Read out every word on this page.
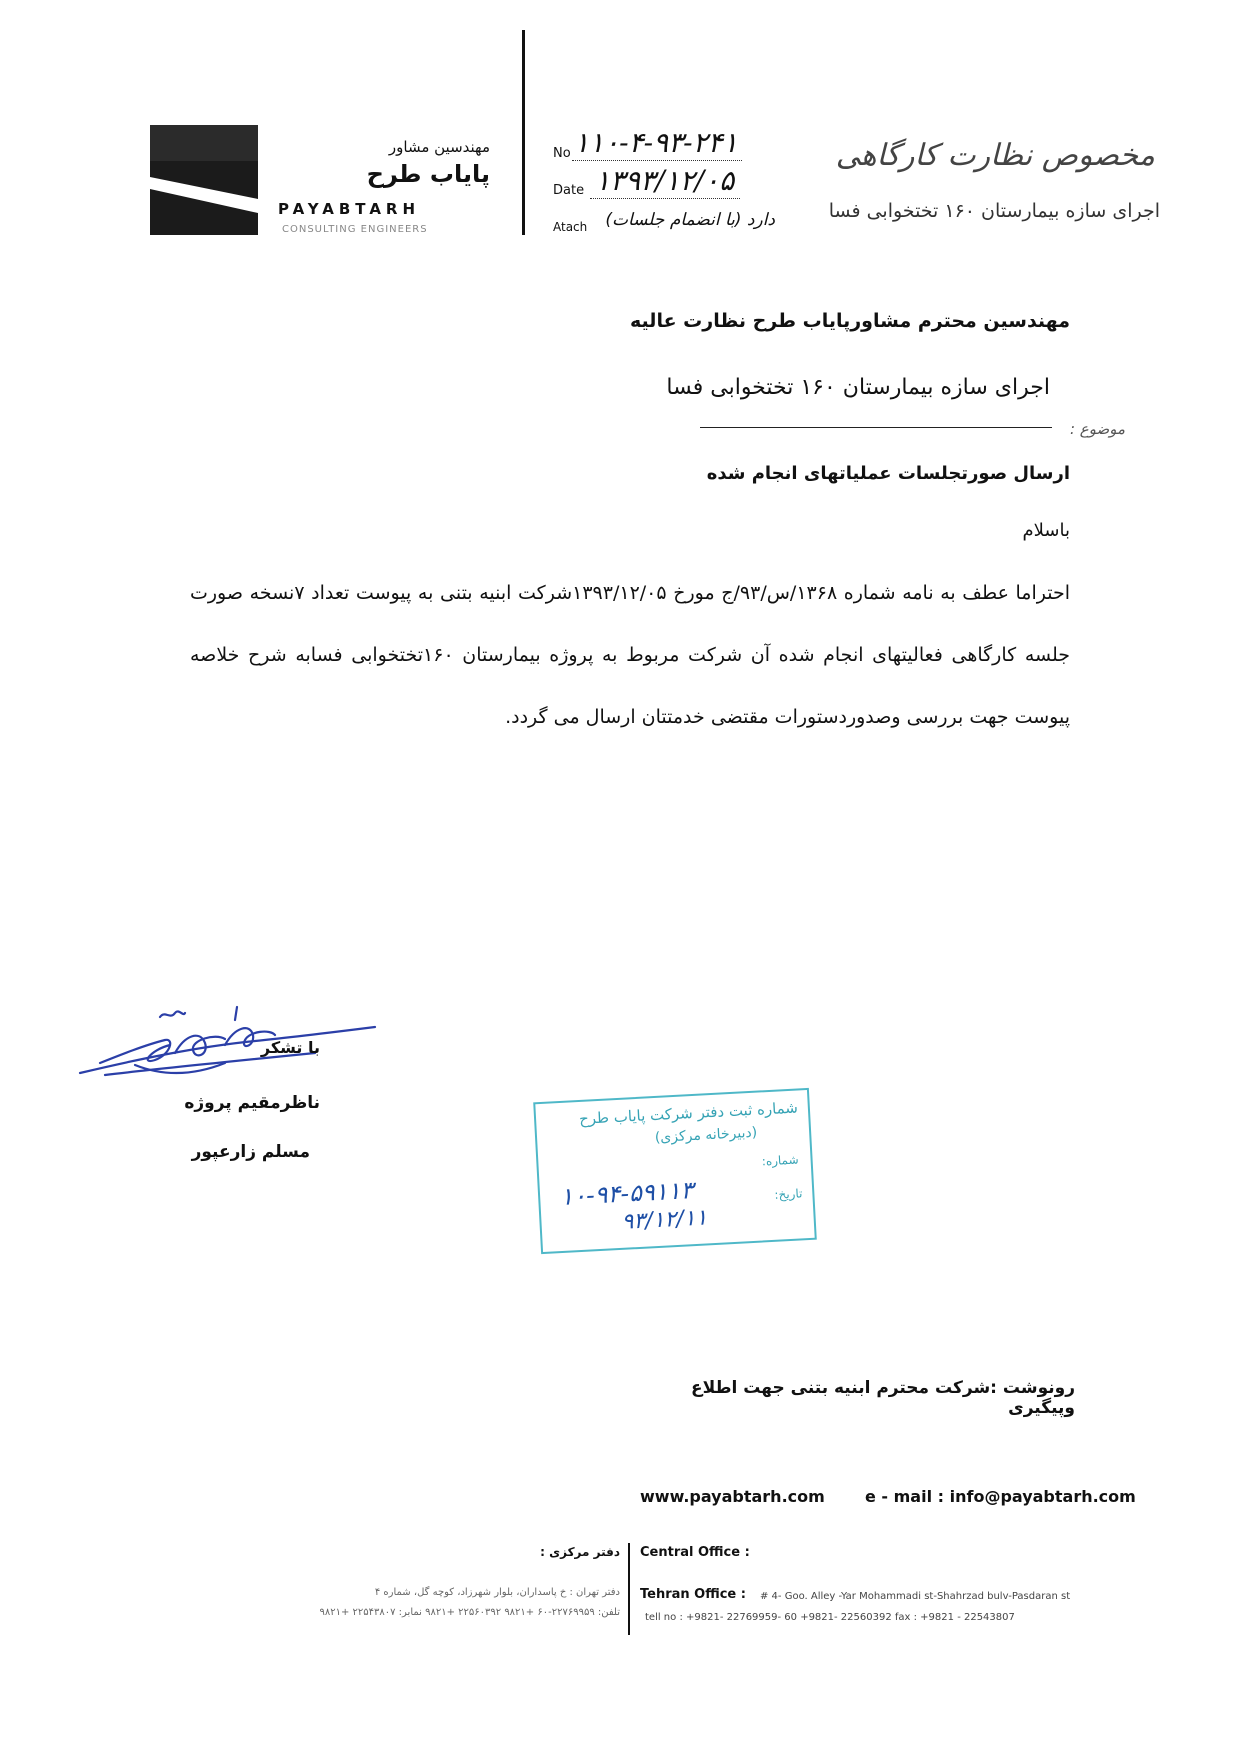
مهندسین مشاور
پایاب طرح
PAYABTARH
CONSULTING ENGINEERS
No ۱۱۰-۴-۹۳-۲۴۱
Date ۱۳۹۳/۱۲/۰۵
Atach	دارد (با انضمام جلسات)
مخصوص نظارت کارگاهی
اجرای سازه بیمارستان ۱۶۰ تختخوابی فسا
مهندسین محترم مشاورپایاب طرح نظارت عالیه
اجرای سازه بیمارستان ۱۶۰ تختخوابی فسا
موضوع :
ارسال صورتجلسات عملیاتهای انجام شده
باسلام
احتراما عطف به نامه شماره ۱۳۶۸/س/۹۳/ج مورخ ۱۳۹۳/۱۲/۰۵شرکت ابنیه بتنی به پیوست تعداد ۷نسخه صورت جلسه کارگاهی فعالیتهای انجام شده آن شرکت مربوط به پروژه بیمارستان ۱۶۰تختخوابی فسابه شرح خلاصه پیوست جهت بررسی وصدوردستورات مقتضی خدمتتان ارسال می گردد.
با تشکر
ناظرمقیم پروژه
مسلم زارعپور
شماره ثبت دفتر شرکت پایاب طرح
(دبیرخانه مرکزی)
شماره:
تاریخ:
۱۰-۹۴-۵۹۱۱۳
۹۳/۱۲/۱۱
رونوشت :شرکت محترم ابنیه بتنی جهت اطلاع وپیگیری
www.payabtarh.com	e - mail : info@payabtarh.com
Central Office :
دفتر مرکزی :
Tehran Office : # 4- Goo. Alley -Yar Mohammadi st-Shahrzad bulv-Pasdaran st
tell no : +9821- 22769959- 60 +9821- 22560392 fax : +9821 - 22543807
دفتر تهران : خ پاسداران، بلوار شهرزاد، کوچه گل، شماره ۴
تلفن: ۲۲۷۶۹۹۵۹-۶۰ +۹۸۲۱ ۲۲۵۶۰۳۹۲ +۹۸۲۱ نمابر: ۲۲۵۴۳۸۰۷ +۹۸۲۱
